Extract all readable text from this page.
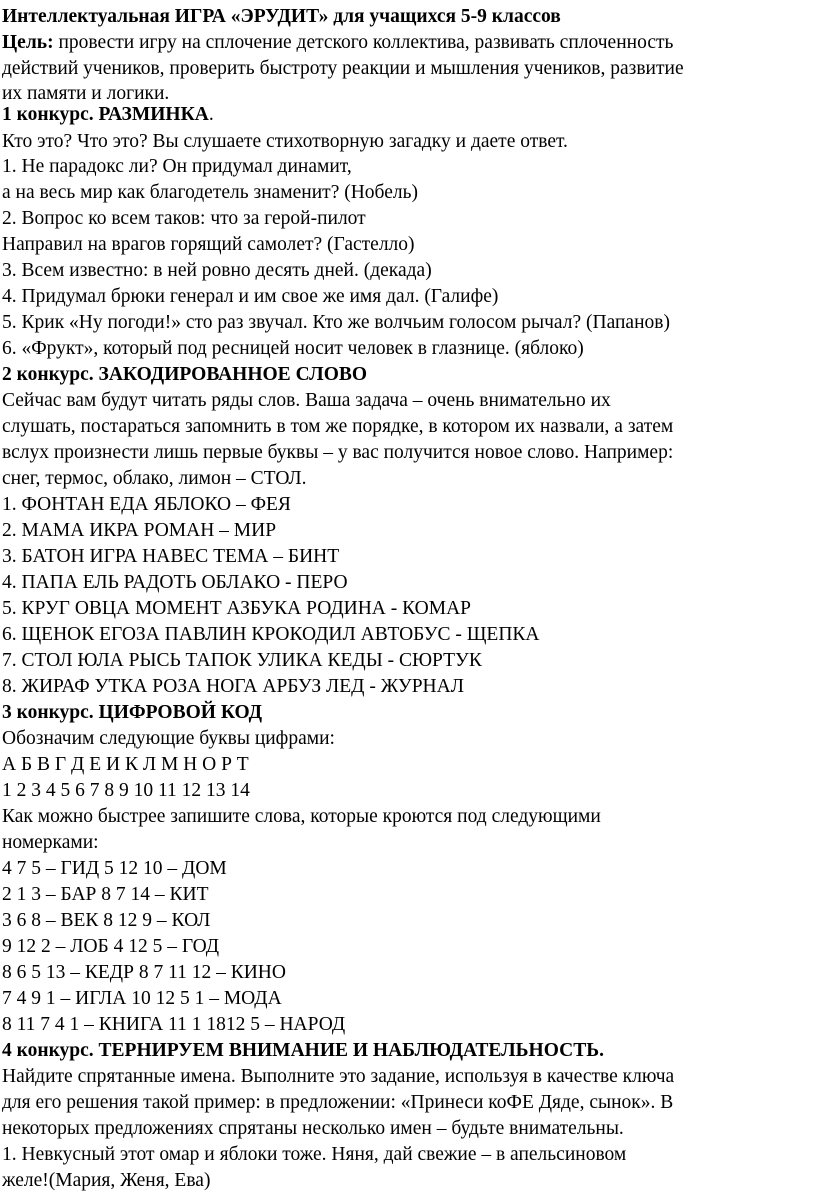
Интеллектуальная ИГРА «ЭРУДИТ» для учащихся 5-9 классов
Цель: провести игру на сплочение детского коллектива, развивать сплоченность
действий учеников, проверить быстроту реакции и мышления учеников, развитие
их памяти и логики.
1 конкурс. РАЗМИНКА.
Кто это? Что это? Вы слушаете стихотворную загадку и даете ответ.
1. Не парадокс ли? Он придумал динамит,
а на весь мир как благодетель знаменит? (Нобель)
2. Вопрос ко всем таков: что за герой-пилот
Направил на врагов горящий самолет? (Гастелло)
3. Всем известно: в ней ровно десять дней. (декада)
4. Придумал брюки генерал и им свое же имя дал. (Галифе)
5. Крик «Ну погоди!» сто раз звучал. Кто же волчьим голосом рычал? (Папанов)
6. «Фрукт», который под ресницей носит человек в глазнице. (яблоко)
2 конкурс. ЗАКОДИРОВАННОЕ СЛОВО
Сейчас вам будут читать ряды слов. Ваша задача – очень внимательно их
слушать, постараться запомнить в том же порядке, в котором их назвали, а затем
вслух произнести лишь первые буквы – у вас получится новое слово. Например:
снег, термос, облако, лимон – СТОЛ.
1. ФОНТАН ЕДА ЯБЛОКО – ФЕЯ
2. МАМА ИКРА РОМАН – МИР
3. БАТОН ИГРА НАВЕС ТЕМА – БИНТ
4. ПАПА ЕЛЬ РАДОТЬ ОБЛАКО - ПЕРО
5. КРУГ ОВЦА МОМЕНТ АЗБУКА РОДИНА - КОМАР
6. ЩЕНОК ЕГОЗА ПАВЛИН КРОКОДИЛ АВТОБУС - ЩЕПКА
7. СТОЛ ЮЛА РЫСЬ ТАПОК УЛИКА КЕДЫ - СЮРТУК
8. ЖИРАФ УТКА РОЗА НОГА АРБУЗ ЛЕД - ЖУРНАЛ
3 конкурс. ЦИФРОВОЙ КОД
Обозначим следующие буквы цифрами:
А Б В Г Д Е И К Л М Н О Р Т
1 2 3 4 5 6 7 8 9 10 11 12 13 14
Как можно быстрее запишите слова, которые кроются под следующими
номерками:
4 7 5 – ГИД 5 12 10 – ДОМ
2 1 3 – БАР 8 7 14 – КИТ
3 6 8 – ВЕК 8 12 9 – КОЛ
9 12 2 – ЛОБ 4 12 5 – ГОД
8 6 5 13 – КЕДР 8 7 11 12 – КИНО
7 4 9 1 – ИГЛА 10 12 5 1 – МОДА
8 11 7 4 1 – КНИГА 11 1 1812 5 – НАРОД
4 конкурс. ТЕРНИРУЕМ ВНИМАНИЕ И НАБЛЮДАТЕЛЬНОСТЬ.
Найдите спрятанные имена. Выполните это задание, используя в качестве ключа
для его решения такой пример: в предложении: «Принеси коФЕ Дяде, сынок». В
некоторых предложениях спрятаны несколько имен – будьте внимательны.
1. Невкусный этот омар и яблоки тоже. Няня, дай свежие – в апельсиновом
желе!(Мария, Женя, Ева)
